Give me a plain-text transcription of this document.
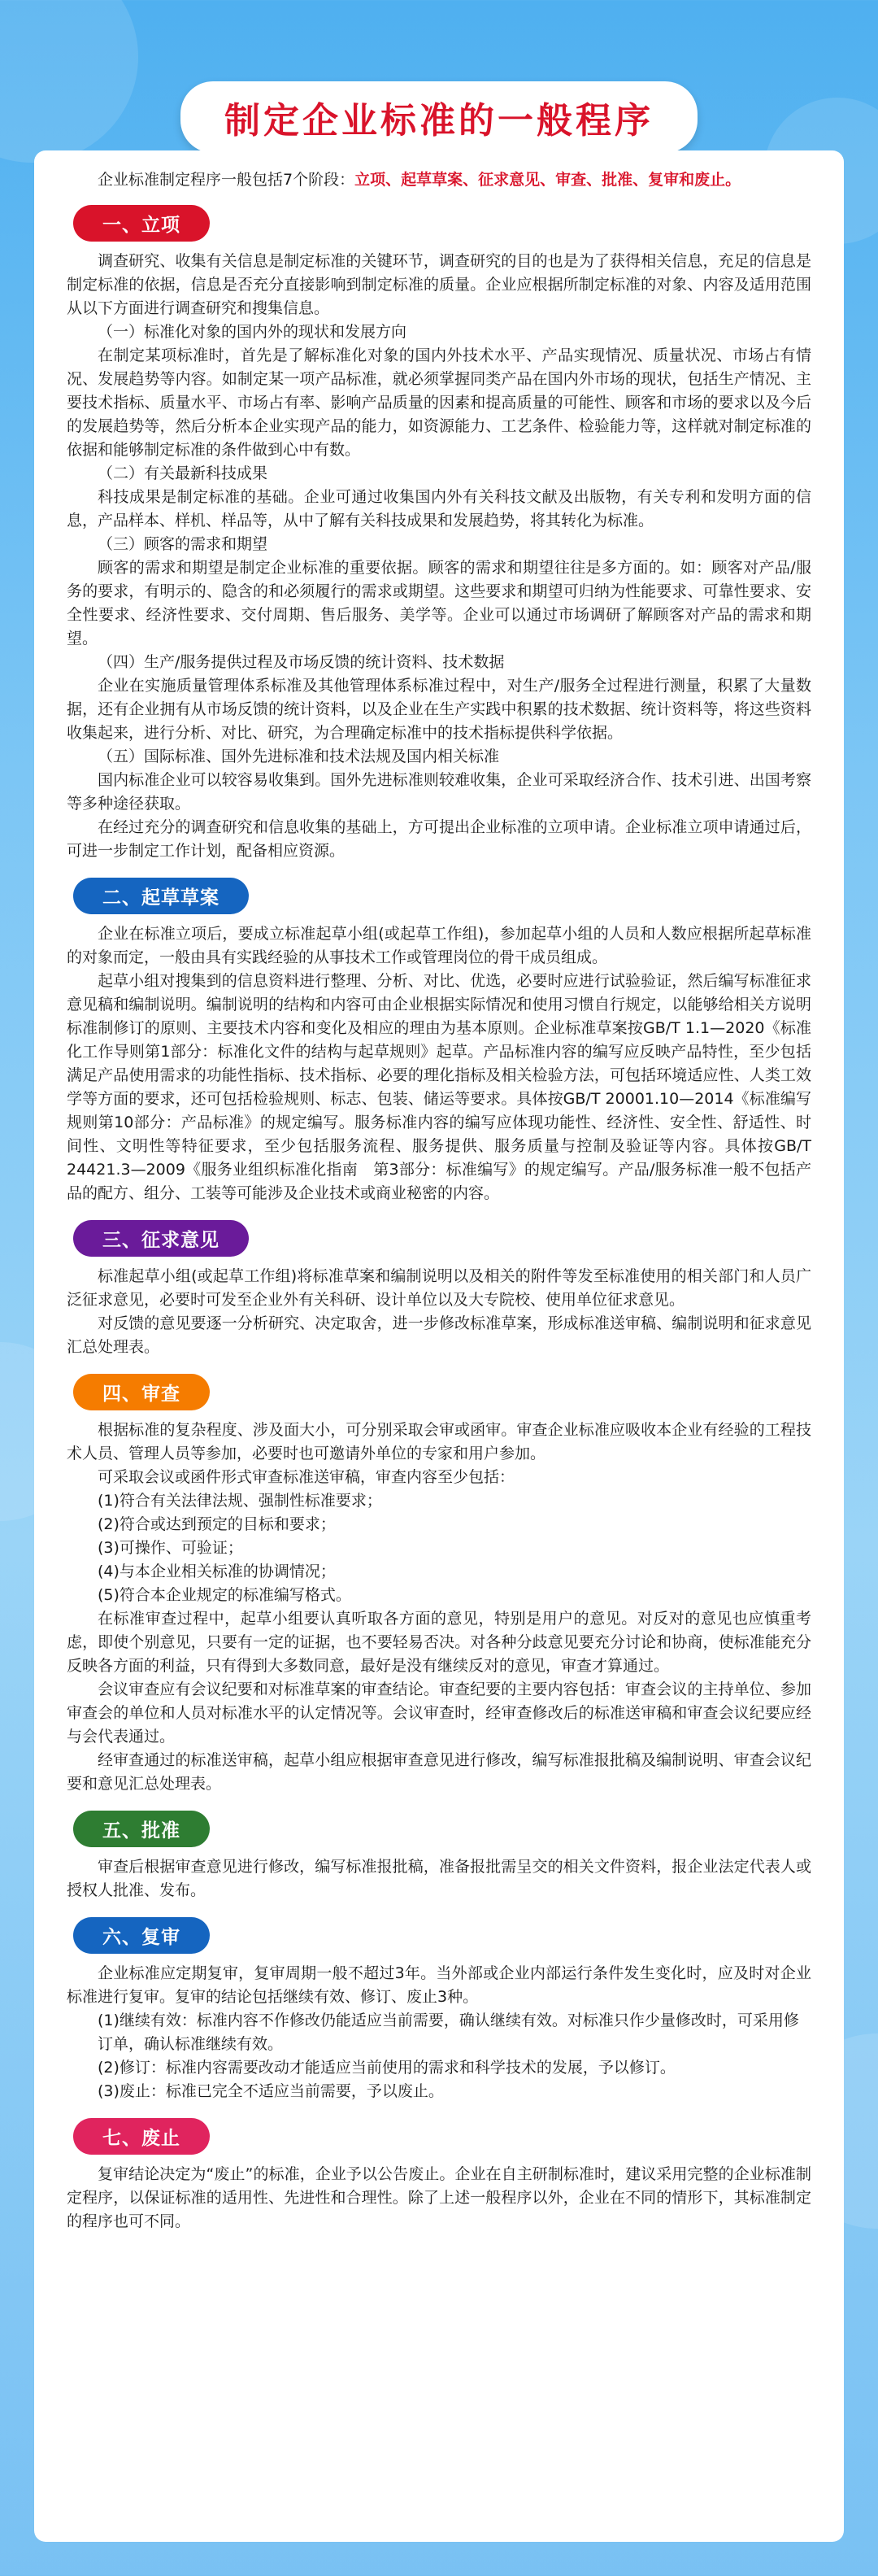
制定企业标准的一般程序

企业标准制定程序一般包括7个阶段：立项、起草草案、征求意见、审查、批准、复审和废止。

一、立项

调查研究、收集有关信息是制定标准的关键环节，调查研究的目的也是为了获得相关信息，充足的信息是制定标准的依据，信息是否充分直接影响到制定标准的质量。企业应根据所制定标准的对象、内容及适用范围从以下方面进行调查研究和搜集信息。

（一）标准化对象的国内外的现状和发展方向

在制定某项标准时，首先是了解标准化对象的国内外技术水平、产品实现情况、质量状况、市场占有情况、发展趋势等内容。如制定某一项产品标准，就必须掌握同类产品在国内外市场的现状，包括生产情况、主要技术指标、质量水平、市场占有率、影响产品质量的因素和提高质量的可能性、顾客和市场的要求以及今后的发展趋势等，然后分析本企业实现产品的能力，如资源能力、工艺条件、检验能力等，这样就对制定标准的依据和能够制定标准的条件做到心中有数。

（二）有关最新科技成果

科技成果是制定标准的基础。企业可通过收集国内外有关科技文献及出版物，有关专利和发明方面的信息，产品样本、样机、样品等，从中了解有关科技成果和发展趋势，将其转化为标准。

（三）顾客的需求和期望

顾客的需求和期望是制定企业标准的重要依据。顾客的需求和期望往往是多方面的。如：顾客对产品/服务的要求，有明示的、隐含的和必须履行的需求或期望。这些要求和期望可归纳为性能要求、可靠性要求、安全性要求、经济性要求、交付周期、售后服务、美学等。企业可以通过市场调研了解顾客对产品的需求和期望。

（四）生产/服务提供过程及市场反馈的统计资料、技术数据

企业在实施质量管理体系标准及其他管理体系标准过程中，对生产/服务全过程进行测量，积累了大量数据，还有企业拥有从市场反馈的统计资料，以及企业在生产实践中积累的技术数据、统计资料等，将这些资料收集起来，进行分析、对比、研究，为合理确定标准中的技术指标提供科学依据。

（五）国际标准、国外先进标准和技术法规及国内相关标准

国内标准企业可以较容易收集到。国外先进标准则较难收集，企业可采取经济合作、技术引进、出国考察等多种途径获取。

在经过充分的调查研究和信息收集的基础上，方可提出企业标准的立项申请。企业标准立项申请通过后，可进一步制定工作计划，配备相应资源。

二、起草草案

企业在标准立项后，要成立标准起草小组(或起草工作组)，参加起草小组的人员和人数应根据所起草标准的对象而定，一般由具有实践经验的从事技术工作或管理岗位的骨干成员组成。

起草小组对搜集到的信息资料进行整理、分析、对比、优选，必要时应进行试验验证，然后编写标准征求意见稿和编制说明。编制说明的结构和内容可由企业根据实际情况和使用习惯自行规定，以能够给相关方说明标准制修订的原则、主要技术内容和变化及相应的理由为基本原则。企业标准草案按GB/T 1.1—2020《标准化工作导则第1部分：标准化文件的结构与起草规则》起草。产品标准内容的编写应反映产品特性，至少包括满足产品使用需求的功能性指标、技术指标、必要的理化指标及相关检验方法，可包括环境适应性、人类工效学等方面的要求，还可包括检验规则、标志、包装、储运等要求。具体按GB/T 20001.10—2014《标准编写规则第10部分：产品标准》的规定编写。服务标准内容的编写应体现功能性、经济性、安全性、舒适性、时间性、文明性等特征要求，至少包括服务流程、服务提供、服务质量与控制及验证等内容。具体按GB/T 24421.3—2009《服务业组织标准化指南　第3部分：标准编写》的规定编写。产品/服务标准一般不包括产品的配方、组分、工装等可能涉及企业技术或商业秘密的内容。

三、征求意见

标准起草小组(或起草工作组)将标准草案和编制说明以及相关的附件等发至标准使用的相关部门和人员广泛征求意见，必要时可发至企业外有关科研、设计单位以及大专院校、使用单位征求意见。

对反馈的意见要逐一分析研究、决定取舍，进一步修改标准草案，形成标准送审稿、编制说明和征求意见汇总处理表。

四、审查

根据标准的复杂程度、涉及面大小，可分别采取会审或函审。审查企业标准应吸收本企业有经验的工程技术人员、管理人员等参加，必要时也可邀请外单位的专家和用户参加。

可采取会议或函件形式审查标准送审稿，审查内容至少包括：

(1)符合有关法律法规、强制性标准要求；

(2)符合或达到预定的目标和要求；

(3)可操作、可验证；

(4)与本企业相关标准的协调情况；

(5)符合本企业规定的标准编写格式。

在标准审查过程中，起草小组要认真听取各方面的意见，特别是用户的意见。对反对的意见也应慎重考虑，即使个别意见，只要有一定的证据，也不要轻易否决。对各种分歧意见要充分讨论和协商，使标准能充分反映各方面的利益，只有得到大多数同意，最好是没有继续反对的意见，审查才算通过。

会议审查应有会议纪要和对标准草案的审查结论。审查纪要的主要内容包括：审查会议的主持单位、参加审查会的单位和人员对标准水平的认定情况等。会议审查时，经审查修改后的标准送审稿和审查会议纪要应经与会代表通过。

经审查通过的标准送审稿，起草小组应根据审查意见进行修改，编写标准报批稿及编制说明、审查会议纪要和意见汇总处理表。

五、批准

审查后根据审查意见进行修改，编写标准报批稿，准备报批需呈交的相关文件资料，报企业法定代表人或授权人批准、发布。

六、复审

企业标准应定期复审，复审周期一般不超过3年。当外部或企业内部运行条件发生变化时，应及时对企业标准进行复审。复审的结论包括继续有效、修订、废止3种。

(1)继续有效：标准内容不作修改仍能适应当前需要，确认继续有效。对标准只作少量修改时，可采用修订单，确认标准继续有效。

(2)修订：标准内容需要改动才能适应当前使用的需求和科学技术的发展，予以修订。

(3)废止：标准已完全不适应当前需要，予以废止。

七、废止

复审结论决定为“废止”的标准，企业予以公告废止。企业在自主研制标准时，建议采用完整的企业标准制定程序，以保证标准的适用性、先进性和合理性。除了上述一般程序以外，企业在不同的情形下，其标准制定的程序也可不同。
